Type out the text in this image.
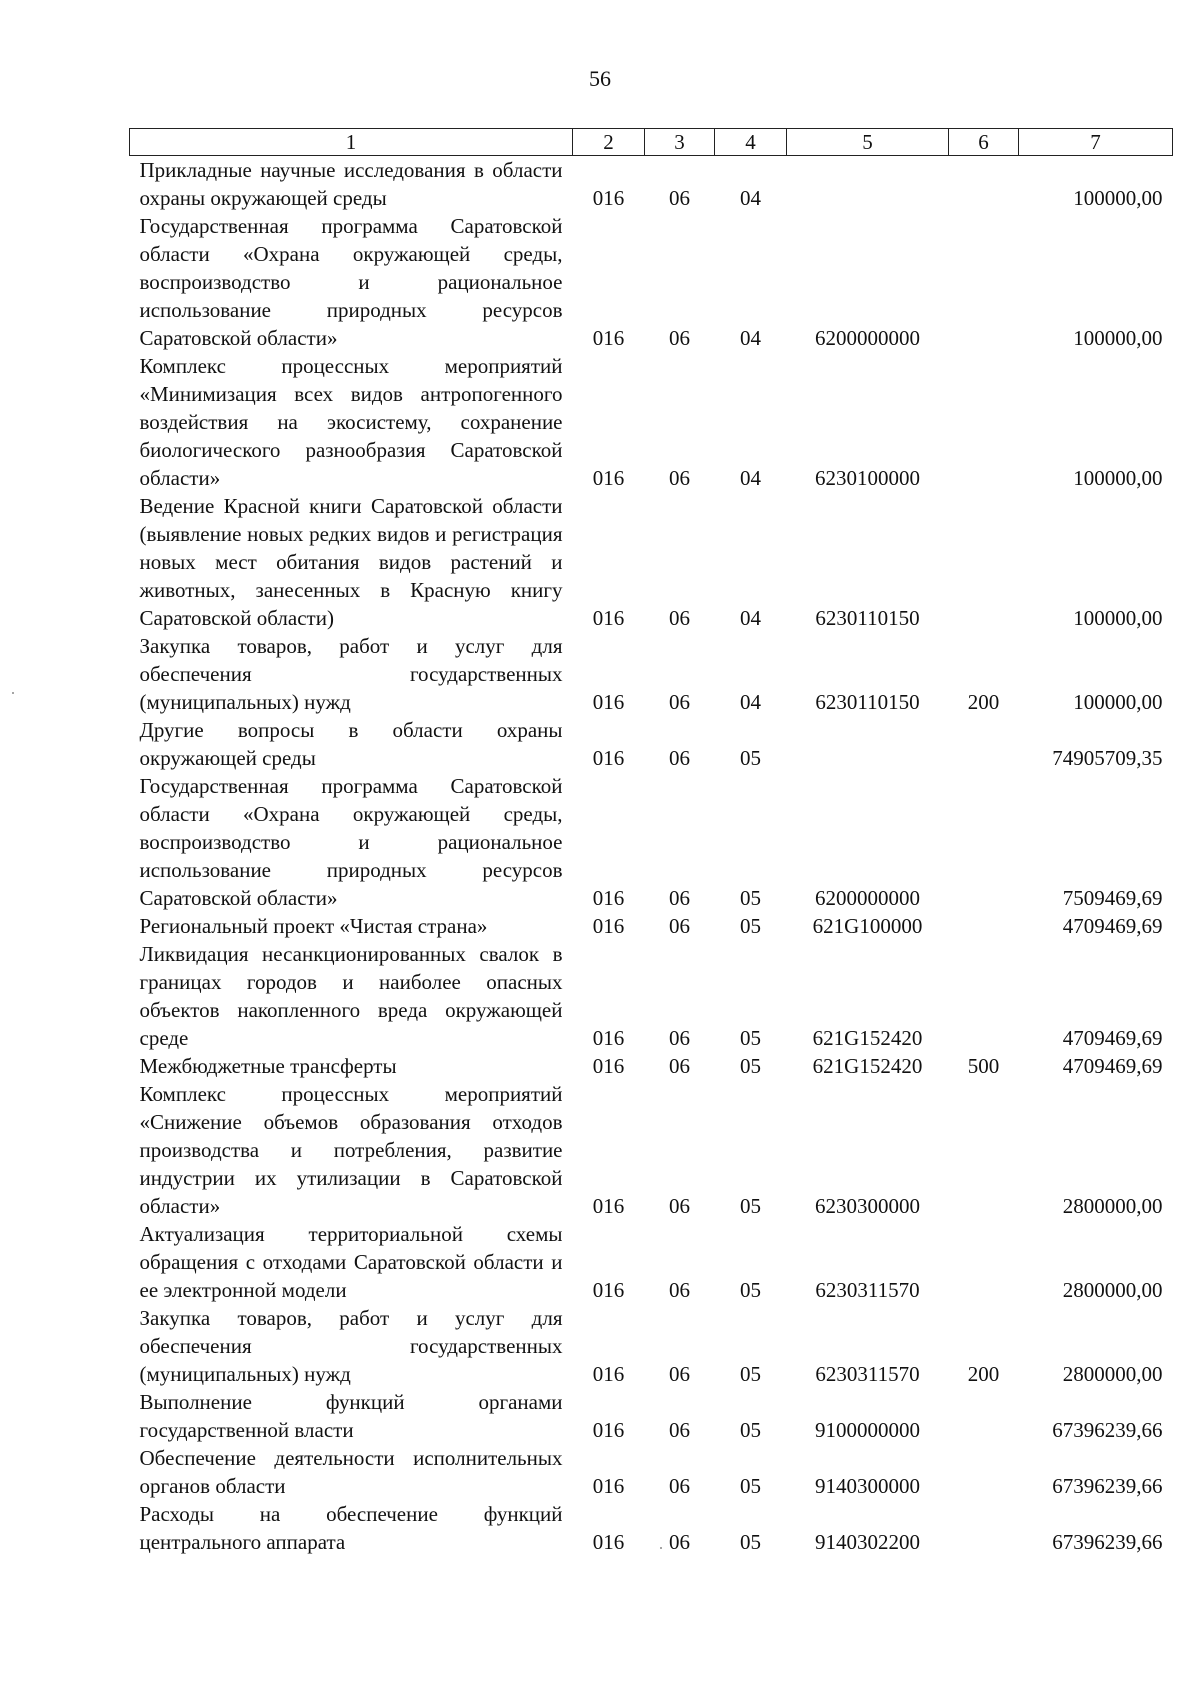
56
1	2	3	4	5	6	7
Прикладные научные исследования в области охраны окружающей среды	016	06	04			100000,00
Государственная программа Саратовской области «Охрана окружающей среды, воспроизводство и рациональное использование природных ресурсов Саратовской области»	016	06	04	6200000000		100000,00
Комплекс процессных мероприятий «Минимизация всех видов антропогенного воздействия на экосистему, сохранение биологического разнообразия Саратовской области»	016	06	04	6230100000		100000,00
Ведение Красной книги Саратовской области (выявление новых редких видов и регистрация новых мест обитания видов растений и животных, занесенных в Красную книгу Саратовской области)	016	06	04	6230110150		100000,00
Закупка товаров, работ и услуг для обеспечения государственных (муниципальных) нужд	016	06	04	6230110150	200	100000,00
Другие вопросы в области охраны окружающей среды	016	06	05			74905709,35
Государственная программа Саратовской области «Охрана окружающей среды, воспроизводство и рациональное использование природных ресурсов Саратовской области»	016	06	05	6200000000		7509469,69
Региональный проект «Чистая страна»	016	06	05	621G100000		4709469,69
Ликвидация несанкционированных свалок в границах городов и наиболее опасных объектов накопленного вреда окружающей среде	016	06	05	621G152420		4709469,69
Межбюджетные трансферты	016	06	05	621G152420	500	4709469,69
Комплекс процессных мероприятий «Снижение объемов образования отходов производства и потребления, развитие индустрии их утилизации в Саратовской области»	016	06	05	6230300000		2800000,00
Актуализация территориальной схемы обращения с отходами Саратовской области и ее электронной модели	016	06	05	6230311570		2800000,00
Закупка товаров, работ и услуг для обеспечения государственных (муниципальных) нужд	016	06	05	6230311570	200	2800000,00
Выполнение функций органами государственной власти	016	06	05	9100000000		67396239,66
Обеспечение деятельности исполнительных органов области	016	06	05	9140300000		67396239,66
Расходы на обеспечение функций центрального аппарата	016	06	05	9140302200		67396239,66
